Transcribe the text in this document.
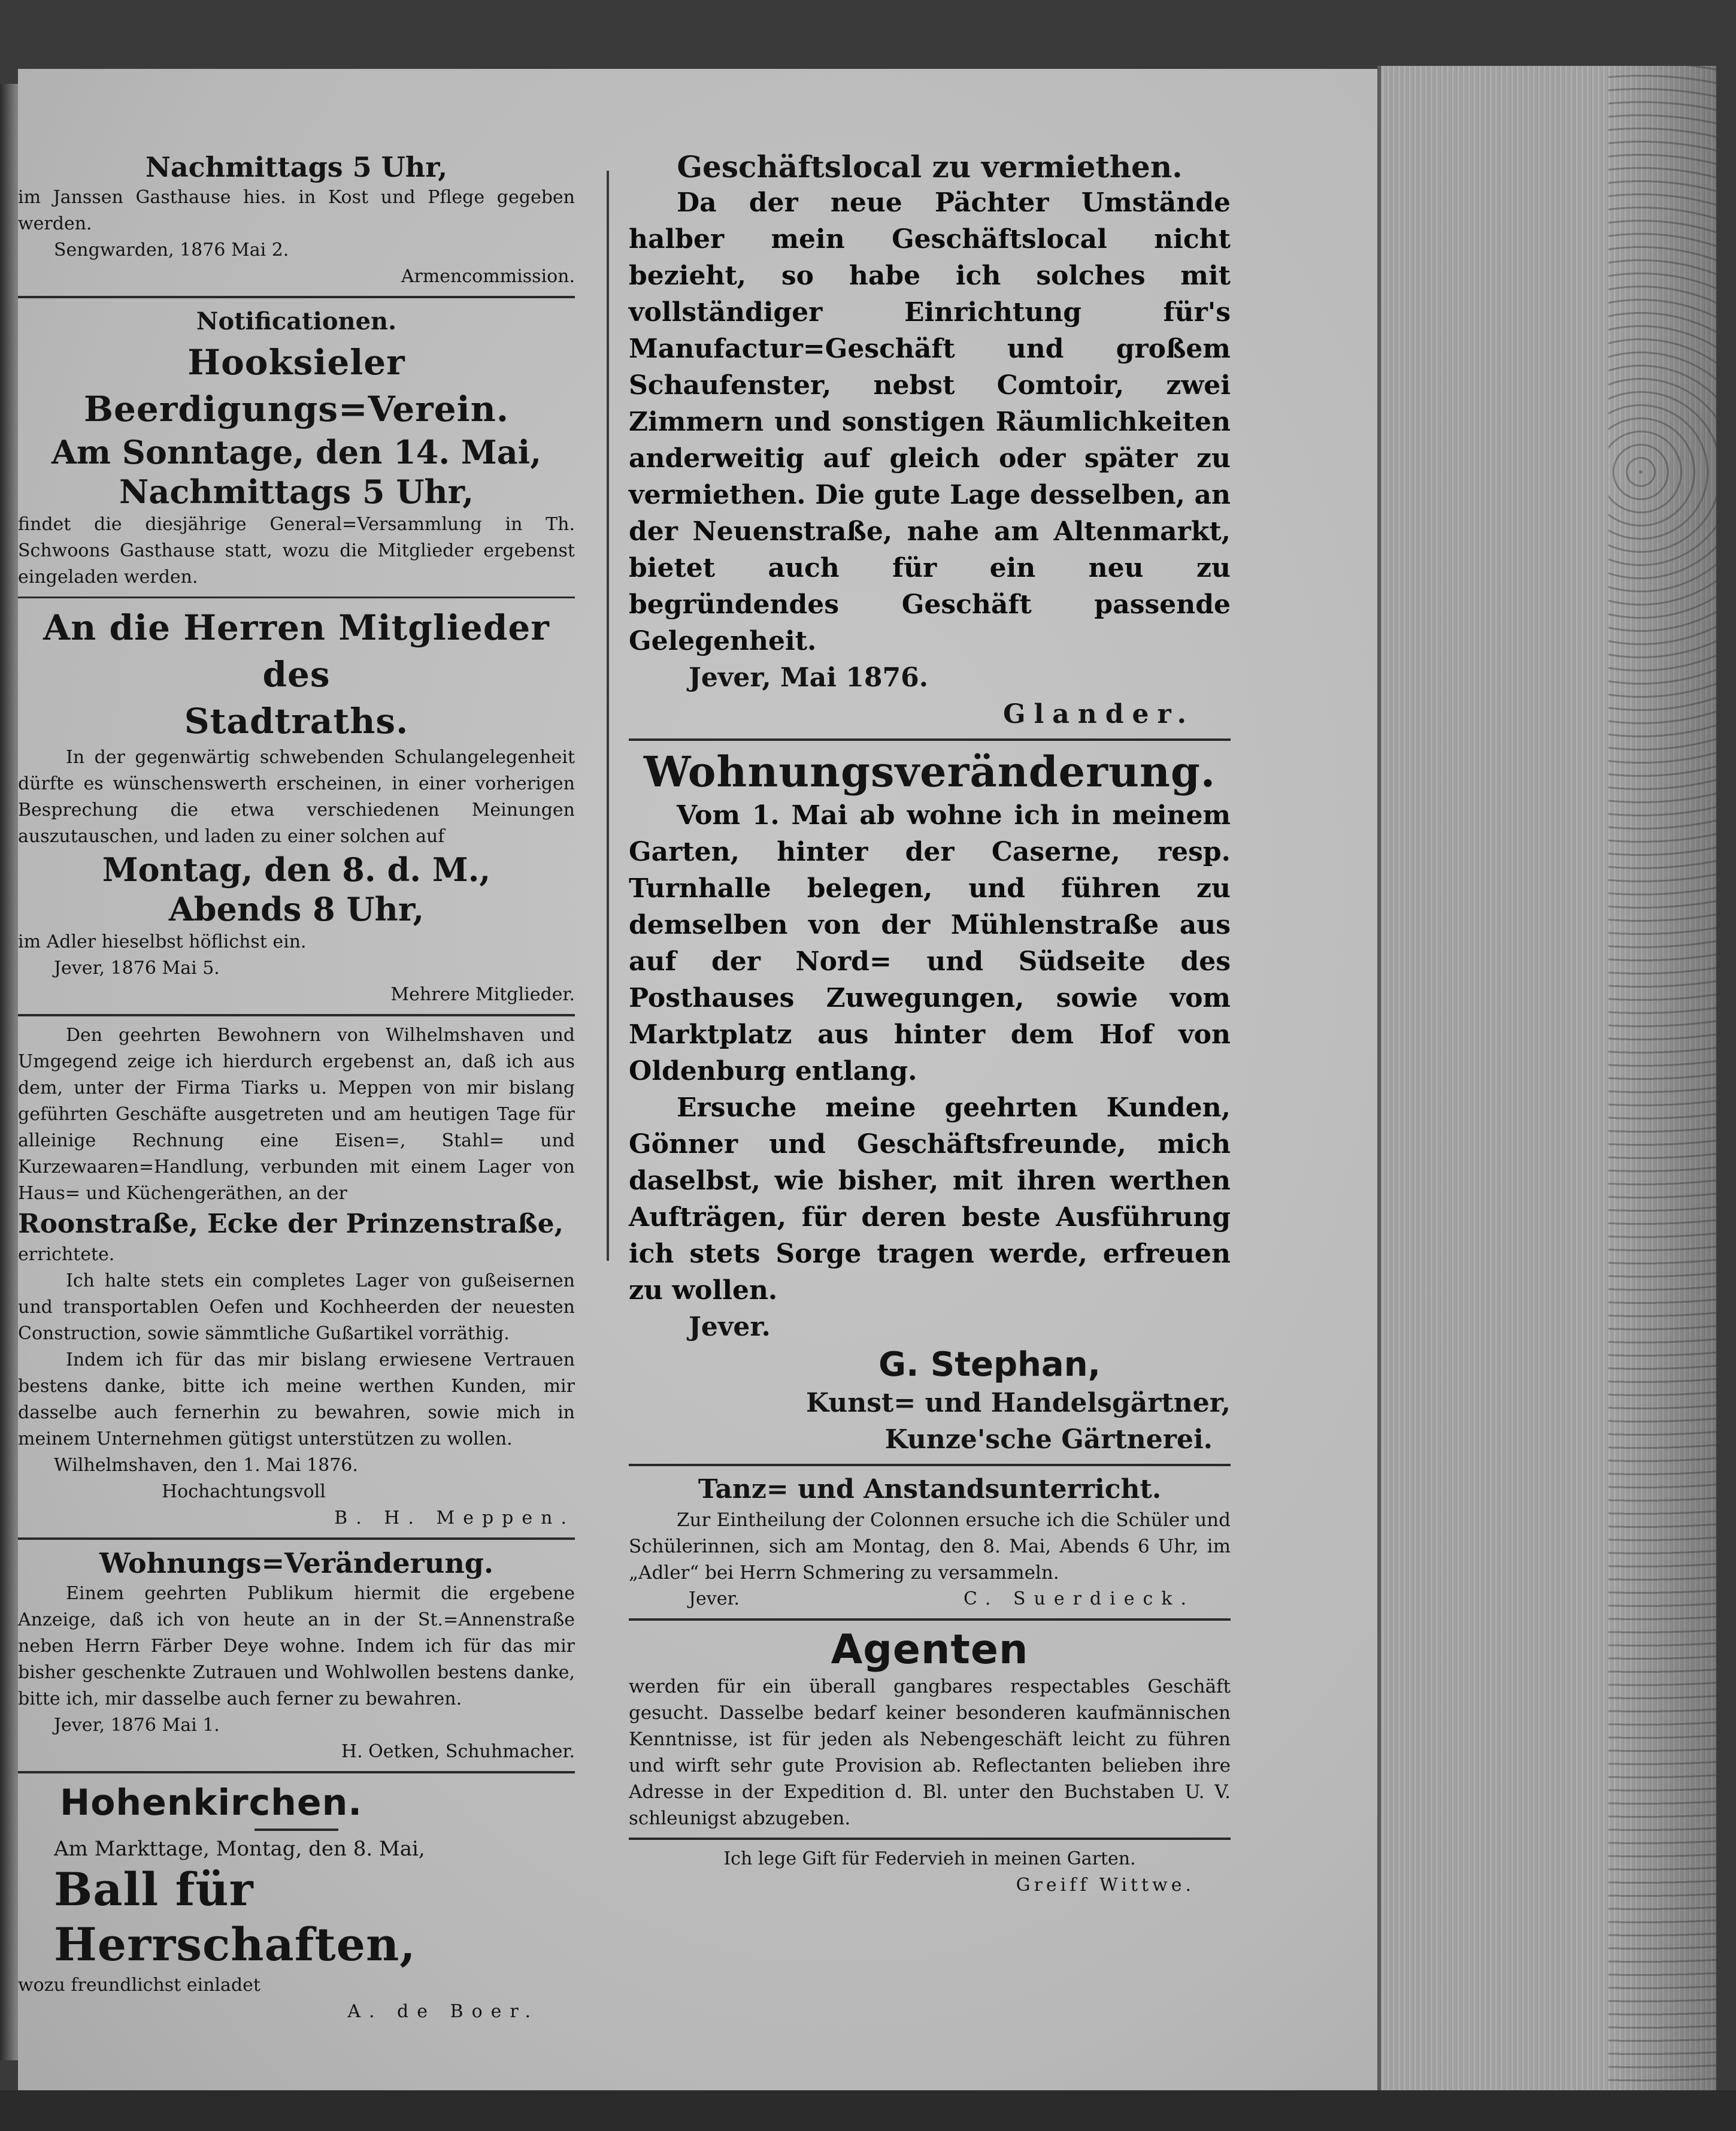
Nachmittags 5 Uhr,
im Janssen Gasthause hies. in Kost und Pflege gegeben werden.
Sengwarden, 1876 Mai 2.
Armencommission.
Notificationen.
Hooksieler Beerdigungs=Verein.
Am Sonntage, den 14. Mai,
Nachmittags 5 Uhr,
findet die diesjährige General=Versammlung in Th. Schwoons Gasthause statt, wozu die Mitglieder ergebenst eingeladen werden.
An die Herren Mitglieder des
Stadtraths.
In der gegenwärtig schwebenden Schulangelegenheit dürfte es wünschenswerth erscheinen, in einer vorherigen Besprechung die etwa verschiedenen Meinungen auszutauschen, und laden zu einer solchen auf
Montag, den 8. d. M.,
Abends 8 Uhr,
im Adler hieselbst höflichst ein.
Jever, 1876 Mai 5.
Mehrere Mitglieder.
Den geehrten Bewohnern von Wilhelmshaven und Umgegend zeige ich hierdurch ergebenst an, daß ich aus dem, unter der Firma Tiarks u. Meppen von mir bislang geführten Geschäfte ausgetreten und am heutigen Tage für alleinige Rechnung eine Eisen=, Stahl= und Kurzewaaren=Handlung, verbunden mit einem Lager von Haus= und Küchengeräthen, an der
Roonstraße, Ecke der Prinzenstraße,
errichtete.
Ich halte stets ein completes Lager von gußeisernen und transportablen Oefen und Kochheerden der neuesten Construction, sowie sämmtliche Gußartikel vorräthig.
Indem ich für das mir bislang erwiesene Vertrauen bestens danke, bitte ich meine werthen Kunden, mir dasselbe auch fernerhin zu bewahren, sowie mich in meinem Unternehmen gütigst unterstützen zu wollen.
Wilhelmshaven, den 1. Mai 1876.
Hochachtungsvoll
B. H. Meppen.
Wohnungs=Veränderung.
Einem geehrten Publikum hiermit die ergebene Anzeige, daß ich von heute an in der St.=Annenstraße neben Herrn Färber Deye wohne. Indem ich für das mir bisher geschenkte Zutrauen und Wohlwollen bestens danke, bitte ich, mir dasselbe auch ferner zu bewahren.
Jever, 1876 Mai 1.
H. Oetken, Schuhmacher.
Hohenkirchen.
Am Markttage, Montag, den 8. Mai,
Ball für Herrschaften,
wozu freundlichst einladet
A. de Boer.
Geschäftslocal zu vermiethen.
Da der neue Pächter Umstände halber mein Geschäftslocal nicht bezieht, so habe ich solches mit vollständiger Einrichtung für's Manufactur=Geschäft und großem Schaufenster, nebst Comtoir, zwei Zimmern und sonstigen Räumlichkeiten anderweitig auf gleich oder später zu vermiethen. Die gute Lage desselben, an der Neuenstraße, nahe am Altenmarkt, bietet auch für ein neu zu begründendes Geschäft passende Gelegenheit.
Jever, Mai 1876.
Glander.
Wohnungsveränderung.
Vom 1. Mai ab wohne ich in meinem Garten, hinter der Caserne, resp. Turnhalle belegen, und führen zu demselben von der Mühlenstraße aus auf der Nord= und Südseite des Posthauses Zuwegungen, sowie vom Marktplatz aus hinter dem Hof von Oldenburg entlang.
Ersuche meine geehrten Kunden, Gönner und Geschäftsfreunde, mich daselbst, wie bisher, mit ihren werthen Aufträgen, für deren beste Ausführung ich stets Sorge tragen werde, erfreuen zu wollen.
Jever.
G. Stephan,
Kunst= und Handelsgärtner,
Kunze'sche Gärtnerei.
Tanz= und Anstandsunterricht.
Zur Eintheilung der Colonnen ersuche ich die Schüler und Schülerinnen, sich am Montag, den 8. Mai, Abends 6 Uhr, im „Adler“ bei Herrn Schmering zu versammeln.
Jever.	C. Suerdieck.
Agenten
werden für ein überall gangbares respectables Geschäft gesucht. Dasselbe bedarf keiner besonderen kaufmännischen Kenntnisse, ist für jeden als Nebengeschäft leicht zu führen und wirft sehr gute Provision ab. Reflectanten belieben ihre Adresse in der Expedition d. Bl. unter den Buchstaben U. V. schleunigst abzugeben.
Ich lege Gift für Federvieh in meinen Garten.
Greiff Wittwe.
